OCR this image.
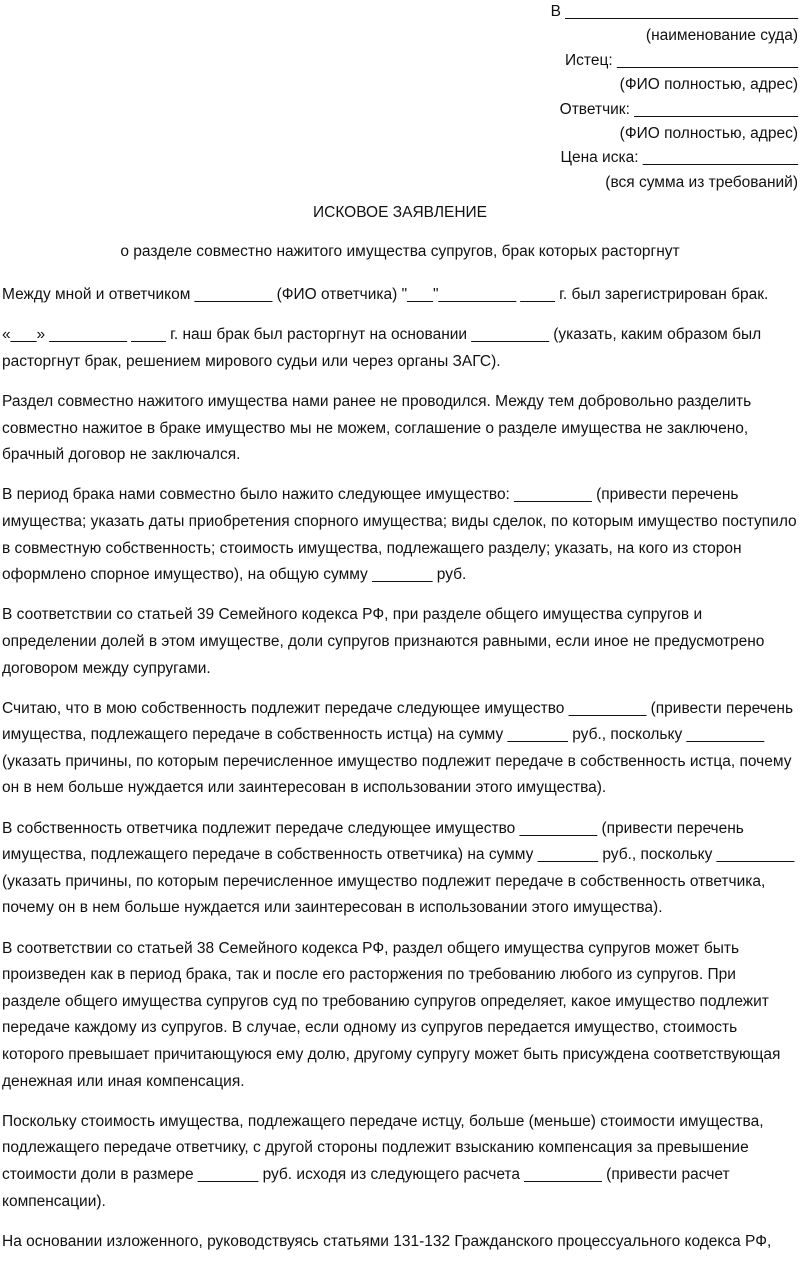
В ___________________________
(наименование суда)
Истец: _____________________
(ФИО полностью, адрес)
Ответчик: ___________________
(ФИО полностью, адрес)
Цена иска: __________________
(вся сумма из требований)
ИСКОВОЕ ЗАЯВЛЕНИЕ
о разделе совместно нажитого имущества супругов, брак которых расторгнут

Между мной и ответчиком _________ (ФИО ответчика) "___"_________ ____ г. был зарегистрирован брак.

«___» _________ ____ г. наш брак был расторгнут на основании _________ (указать, каким образом был расторгнут брак, решением мирового судьи или через органы ЗАГС).

Раздел совместно нажитого имущества нами ранее не проводился. Между тем добровольно разделить совместно нажитое в браке имущество мы не можем, соглашение о разделе имущества не заключено, брачный договор не заключался.

В период брака нами совместно было нажито следующее имущество: _________ (привести перечень имущества; указать даты приобретения спорного имущества; виды сделок, по которым имущество поступило в совместную собственность; стоимость имущества, подлежащего разделу; указать, на кого из сторон оформлено спорное имущество), на общую сумму _______ руб.

В соответствии со статьей 39 Семейного кодекса РФ, при разделе общего имущества супругов и определении долей в этом имуществе, доли супругов признаются равными, если иное не предусмотрено договором между супругами.

Считаю, что в мою собственность подлежит передаче следующее имущество _________ (привести перечень имущества, подлежащего передаче в собственность истца) на сумму _______ руб., поскольку _________ (указать причины, по которым перечисленное имущество подлежит передаче в собственность истца, почему он в нем больше нуждается или заинтересован в использовании этого имущества).

В собственность ответчика подлежит передаче следующее имущество _________ (привести перечень имущества, подлежащего передаче в собственность ответчика) на сумму _______ руб., поскольку _________ (указать причины, по которым перечисленное имущество подлежит передаче в собственность ответчика, почему он в нем больше нуждается или заинтересован в использовании этого имущества).

В соответствии со статьей 38 Семейного кодекса РФ, раздел общего имущества супругов может быть произведен как в период брака, так и после его расторжения по требованию любого из супругов. При разделе общего имущества супругов суд по требованию супругов определяет, какое имущество подлежит передаче каждому из супругов. В случае, если одному из супругов передается имущество, стоимость которого превышает причитающуюся ему долю, другому супругу может быть присуждена соответствующая денежная или иная компенсация.

Поскольку стоимость имущества, подлежащего передаче истцу, больше (меньше) стоимости имущества, подлежащего передаче ответчику, с другой стороны подлежит взысканию компенсация за превышение стоимости доли в размере _______ руб. исходя из следующего расчета _________ (привести расчет компенсации).

На основании изложенного, руководствуясь статьями 131-132 Гражданского процессуального кодекса РФ,
